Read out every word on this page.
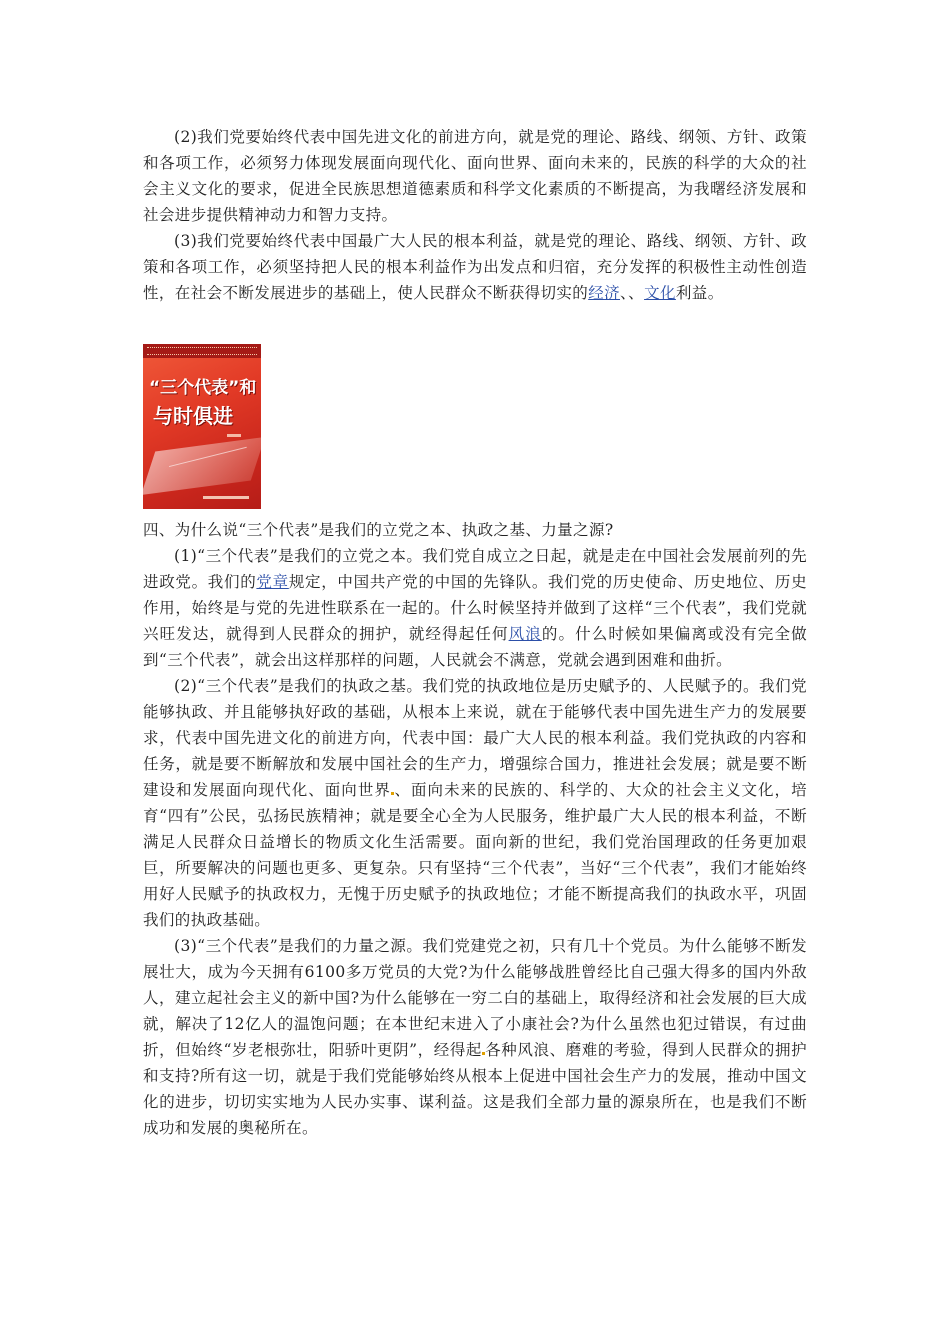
(2)我们党要始终代表中国先进文化的前进方向，就是党的理论、路线、纲领、方针、政策和各项工作，必须努力体现发展面向现代化、面向世界、面向未来的，民族的科学的大众的社会主义文化的要求，促进全民族思想道德素质和科学文化素质的不断提高，为我曙经济发展和社会进步提供精神动力和智力支持。

(3)我们党要始终代表中国最广大人民的根本利益，就是党的理论、路线、纲领、方针、政策和各项工作，必须坚持把人民的根本利益作为出发点和归宿，充分发挥的积极性主动性创造性，在社会不断发展进步的基础上，使人民群众不断获得切实的经济、、文化利益。

“三个代表”和
与时俱进

四、为什么说“三个代表”是我们的立党之本、执政之基、力量之源?

(1)“三个代表”是我们的立党之本。我们党自成立之日起，就是走在中国社会发展前列的先进政党。我们的党章规定，中国共产党的中国的先锋队。我们党的历史使命、历史地位、历史作用，始终是与党的先进性联系在一起的。什么时候坚持并做到了这样“三个代表”，我们党就兴旺发达，就得到人民群众的拥护，就经得起任何风浪的。什么时候如果偏离或没有完全做到“三个代表”，就会出这样那样的问题，人民就会不满意，党就会遇到困难和曲折。

(2)“三个代表”是我们的执政之基。我们党的执政地位是历史赋予的、人民赋予的。我们党能够执政、并且能够执好政的基础，从根本上来说，就在于能够代表中国先进生产力的发展要求，代表中国先进文化的前进方向，代表中国：最广大人民的根本利益。我们党执政的内容和任务，就是要不断解放和发展中国社会的生产力，增强综合国力，推进社会发展；就是要不断建设和发展面向现代化、面向世界 、面向未来的民族的、科学的、大众的社会主义文化，培育“四有”公民，弘扬民族精神；就是要全心全为人民服务，维护最广大人民的根本利益，不断满足人民群众日益增长的物质文化生活需要。面向新的世纪，我们党治国理政的任务更加艰巨，所要解决的问题也更多、更复杂。只有坚持“三个代表”，当好“三个代表”，我们才能始终用好人民赋予的执政权力，无愧于历史赋予的执政地位；才能不断提高我们的执政水平，巩固我们的执政基础。

(3)“三个代表”是我们的力量之源。我们党建党之初，只有几十个党员。为什么能够不断发展壮大，成为今天拥有6100多万党员的大党?为什么能够战胜曾经比自己强大得多的国内外敌人，建立起社会主义的新中国?为什么能够在一穷二白的基础上，取得经济和社会发展的巨大成就，解决了12亿人的温饱问题；在本世纪末进入了小康社会?为什么虽然也犯过错误，有过曲折，但始终“岁老根弥壮，阳骄叶更阴”，经得起 各种风浪、磨难的考验，得到人民群众的拥护和支持?所有这一切，就是于我们党能够始终从根本上促进中国社会生产力的发展，推动中国文化的进步，切切实实地为人民办实事、谋利益。这是我们全部力量的源泉所在，也是我们不断成功和发展的奥秘所在。
